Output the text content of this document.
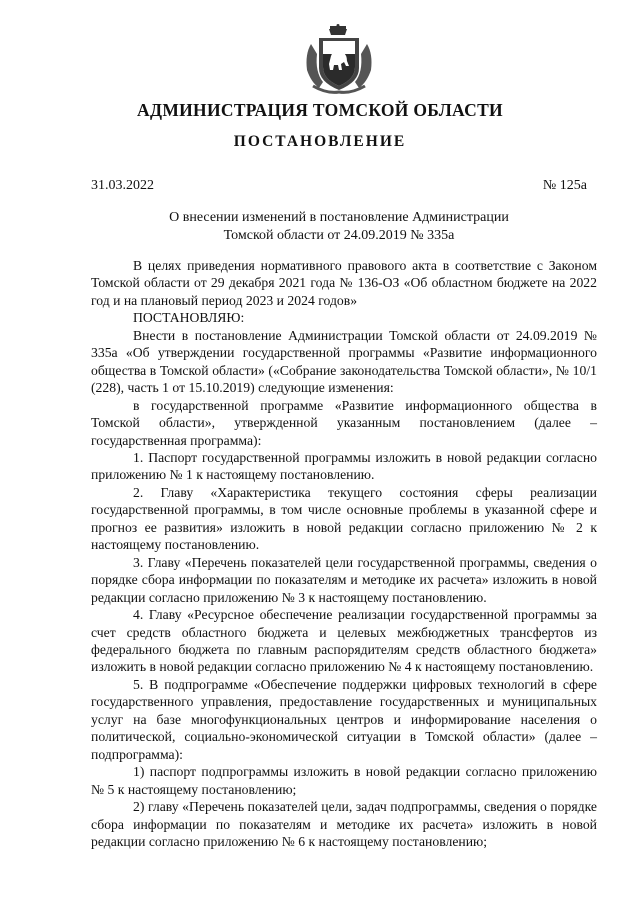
АДМИНИСТРАЦИЯ ТОМСКОЙ ОБЛАСТИ
ПОСТАНОВЛЕНИЕ
31.03.2022	№ 125а
О внесении изменений в постановление Администрации
Томской области от 24.09.2019 № 335а

В целях приведения нормативного правового акта в соответствие с Законом Томской области от 29 декабря 2021 года № 136-ОЗ «Об областном бюджете на 2022 год и на плановый период 2023 и 2024 годов»

ПОСТАНОВЛЯЮ:

Внести в постановление Администрации Томской области от 24.09.2019 № 335а «Об утверждении государственной программы «Развитие информационного общества в Томской области» («Собрание законодательства Томской области», № 10/1 (228), часть 1 от 15.10.2019) следующие изменения:

в государственной программе «Развитие информационного общества в Томской области», утвержденной указанным постановлением (далее – государственная программа):

1. Паспорт государственной программы изложить в новой редакции согласно приложению № 1 к настоящему постановлению.

2. Главу «Характеристика текущего состояния сферы реализации государственной программы, в том числе основные проблемы в указанной сфере и прогноз ее развития» изложить в новой редакции согласно приложению № 2 к настоящему постановлению.

3. Главу «Перечень показателей цели государственной программы, сведения о порядке сбора информации по показателям и методике их расчета» изложить в новой редакции согласно приложению № 3 к настоящему постановлению.

4. Главу «Ресурсное обеспечение реализации государственной программы за счет средств областного бюджета и целевых межбюджетных трансфертов из федерального бюджета по главным распорядителям средств областного бюджета» изложить в новой редакции согласно приложению № 4 к настоящему постановлению.

5. В подпрограмме «Обеспечение поддержки цифровых технологий в сфере государственного управления, предоставление государственных и муниципальных услуг на базе многофункциональных центров и информирование населения о политической, социально-экономической ситуации в Томской области» (далее – подпрограмма):

1) паспорт подпрограммы изложить в новой редакции согласно приложению № 5 к настоящему постановлению;

2) главу «Перечень показателей цели, задач подпрограммы, сведения о порядке сбора информации по показателям и методике их расчета» изложить в новой редакции согласно приложению № 6 к настоящему постановлению;
